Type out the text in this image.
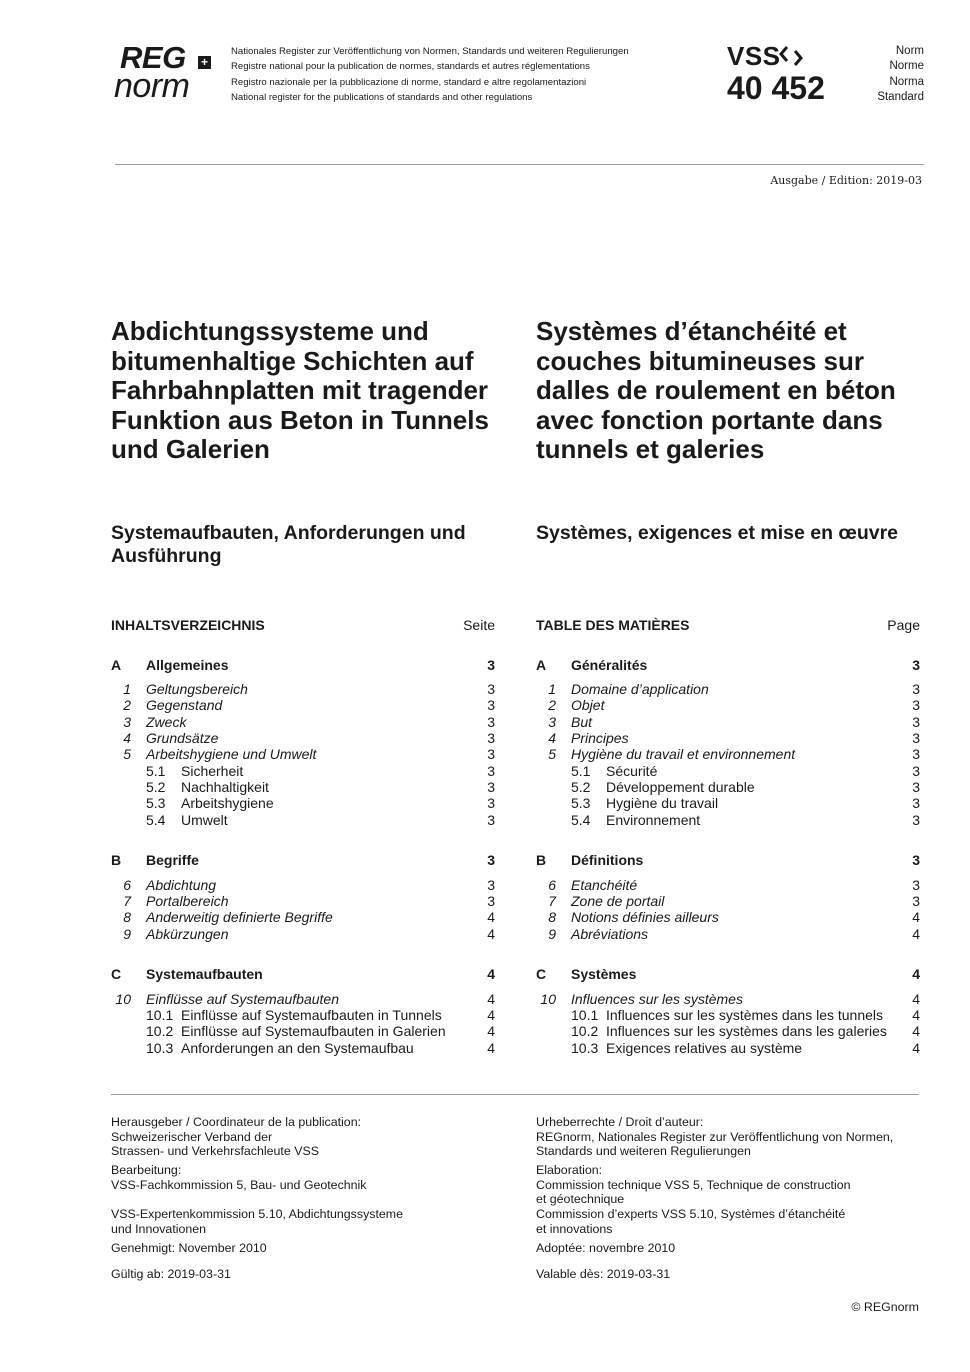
REG +
norm
Nationales Register zur Veröffentlichung von Normen, Standards und weiteren Regulierungen
Registre national pour la publication de normes, standards et autres réglementations
Registro nazionale per la pubblicazione di norme, standard e altre regolamentazioni
National register for the publications of standards and other regulations
VSS
40 452
Norm
Norme
Norma
Standard
Ausgabe / Edition: 2019-03
Abdichtungssysteme und bitumenhaltige Schichten auf Fahrbahnplatten mit tragender Funktion aus Beton in Tunnels und Galerien
Systèmes d’étanchéité et couches bitumineuses sur dalles de roulement en béton avec fonction portante dans tunnels et galeries
Systemaufbauten, Anforderungen und Ausführung
Systèmes, exigences et mise en œuvre
INHALTSVERZEICHNIS	Seite
A Allgemeines	3
1 Geltungsbereich	3
2 Gegenstand	3
3 Zweck	3
4 Grundsätze	3
5 Arbeitshygiene und Umwelt	3
5.1 Sicherheit	3
5.2 Nachhaltigkeit	3
5.3 Arbeitshygiene	3
5.4 Umwelt	3
B Begriffe	3
6 Abdichtung	3
7 Portalbereich	3
8 Anderweitig definierte Begriffe	4
9 Abkürzungen	4
C Systemaufbauten	4
10 Einflüsse auf Systemaufbauten	4
10.1 Einflüsse auf Systemaufbauten in Tunnels	4
10.2 Einflüsse auf Systemaufbauten in Galerien	4
10.3 Anforderungen an den Systemaufbau	4
TABLE DES MATIÈRES	Page
A Généralités	3
1 Domaine d’application	3
2 Objet	3
3 But	3
4 Principes	3
5 Hygiène du travail et environnement	3
5.1 Sécurité	3
5.2 Développement durable	3
5.3 Hygiène du travail	3
5.4 Environnement	3
B Définitions	3
6 Etanchéité	3
7 Zone de portail	3
8 Notions définies ailleurs	4
9 Abréviations	4
C Systèmes	4
10 Influences sur les systèmes	4
10.1 Influences sur les systèmes dans les tunnels 4
10.2 Influences sur les systèmes dans les galeries 4
10.3 Exigences relatives au système	4
Herausgeber / Coordinateur de la publication:
Schweizerischer Verband der
Strassen- und Verkehrsfachleute VSS
Bearbeitung:
VSS-Fachkommission 5, Bau- und Geotechnik
VSS-Expertenkommission 5.10, Abdichtungssysteme
und Innovationen
Genehmigt: November 2010
Gültig ab: 2019-03-31
Urheberrechte / Droit d’auteur:
REGnorm, Nationales Register zur Veröffentlichung von Normen,
Standards und weiteren Regulierungen
Elaboration:
Commission technique VSS 5, Technique de construction
et géotechnique
Commission d’experts VSS 5.10, Systèmes d’étanchéité
et innovations
Adoptée: novembre 2010
Valable dès: 2019-03-31
© REGnorm
